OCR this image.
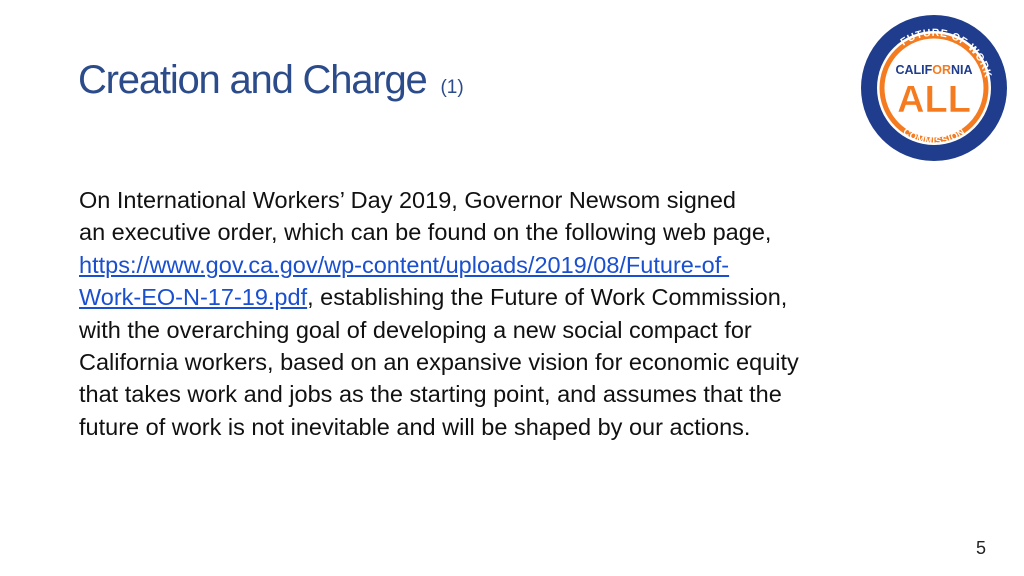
Creation and Charge (1)
On International Workers’ Day 2019, Governor Newsom signed
an executive order, which can be found on the following web page,
https://www.gov.ca.gov/wp-content/uploads/2019/08/Future-of-
Work-EO-N-17-19.pdf, establishing the Future of Work Commission,
with the overarching goal of developing a new social compact for
California workers, based on an expansive vision for economic equity
that takes work and jobs as the starting point, and assumes that the
future of work is not inevitable and will be shaped by our actions.
FUTURE OF WORK
COMMISSION
CALIFORNIA
ALL
5
